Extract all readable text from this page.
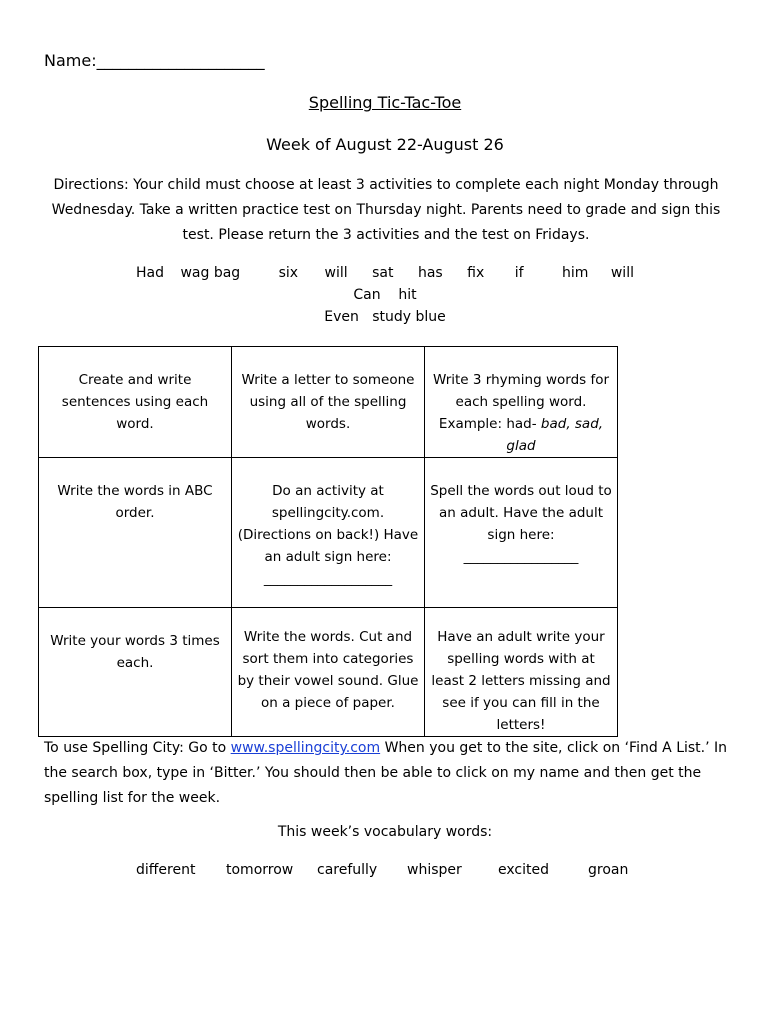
Name:_____________________
Spelling Tic-Tac-Toe
Week of August 22-August 26
Directions: Your child must choose at least 3 activities to complete each night Monday through Wednesday. Take a written practice test on Thursday night. Parents need to grade and sign this test. Please return the 3 activities and the test on Fridays.
Had wag bag	six will sat has fix if	him will
Can    hit
Even   study blue
Create and write sentences using each word.	Write a letter to someone using all of the spelling words.	Write 3 rhyming words for each spelling word. Example: had- bad, sad, glad
Write the words in ABC order.	Do an activity at spellingcity.com. (Directions on back!) Have an adult sign here: ___________________	Spell the words out loud to an adult. Have the adult sign here: _________________
Write your words 3 times each.	Write the words. Cut and sort them into categories by their vowel sound. Glue on a piece of paper.	Have an adult write your spelling words with at least 2 letters missing and see if you can fill in the letters!
To use Spelling City: Go to www.spellingcity.com When you get to the site, click on ‘Find A List.’ In the search box, type in ‘Bitter.’ You should then be able to click on my name and then get the spelling list for the week.
This week’s vocabulary words:
different tomorrow carefully whisper	excited	groan
